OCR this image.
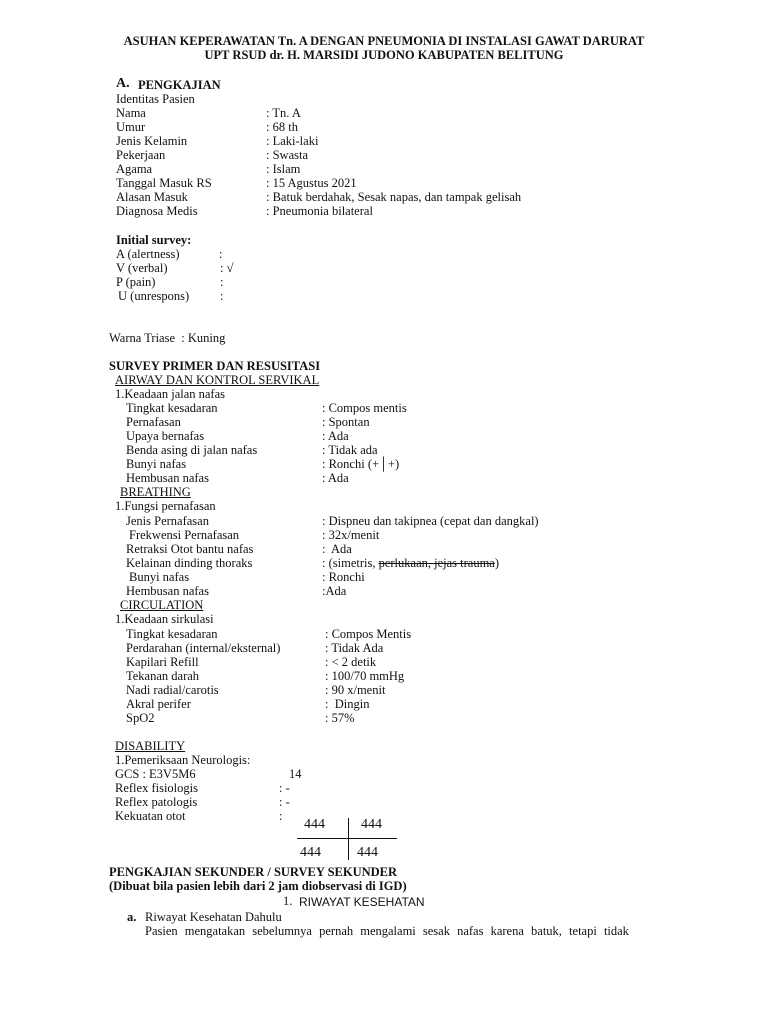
ASUHAN KEPERAWATAN Tn. A DENGAN PNEUMONIA DI INSTALASI GAWAT DARURAT
UPT RSUD dr. H. MARSIDI JUDONO KABUPATEN BELITUNG
A. PENGKAJIAN
Identitas Pasien
Nama	: Tn. A
Umur	: 68 th
Jenis Kelamin	: Laki-laki
Pekerjaan	: Swasta
Agama	: Islam
Tanggal Masuk RS	: 15 Agustus 2021
Alasan Masuk	: Batuk berdahak, Sesak napas, dan tampak gelisah
Diagnosa Medis	: Pneumonia bilateral
Initial survey:
A (alertness)	:
V (verbal)	: √
P (pain)	:
U (unrespons) :
Warna Triase  : Kuning
SURVEY PRIMER DAN RESUSITASI
AIRWAY DAN KONTROL SERVIKAL
1.Keadaan jalan nafas
Tingkat kesadaran	: Compos mentis
Pernafasan	: Spontan
Upaya bernafas	: Ada
Benda asing di jalan nafas	: Tidak ada
Bunyi nafas	: Ronchi (+│+)
Hembusan nafas	: Ada
BREATHING
1.Fungsi pernafasan
Jenis Pernafasan	: Dispneu dan takipnea (cepat dan dangkal)
Frekwensi Pernafasan	: 32x/menit
Retraksi Otot bantu nafas	:  Ada
Kelainan dinding thoraks	: (simetris, perlukaan, jejas trauma)
Bunyi nafas	: Ronchi
Hembusan nafas	:Ada
CIRCULATION
1.Keadaan sirkulasi
Tingkat kesadaran	: Compos Mentis
Perdarahan (internal/eksternal)	: Tidak Ada
Kapilari Refill	: < 2 detik
Tekanan darah	: 100/70 mmHg
Nadi radial/carotis	: 90 x/menit
Akral perifer	:  Dingin
SpO2	: 57%
DISABILITY
1.Pemeriksaan Neurologis:
GCS : E3V5M6	14
Reflex fisiologis	: -
Reflex patologis	: -
Kekuatan otot	:
444	444
444	444
PENGKAJIAN SEKUNDER / SURVEY SEKUNDER
(Dibuat bila pasien lebih dari 2 jam diobservasi di IGD)
1. RIWAYAT KESEHATAN
a. Riwayat Kesehatan Dahulu
Pasien mengatakan sebelumnya pernah mengalami sesak nafas karena batuk, tetapi tidak
